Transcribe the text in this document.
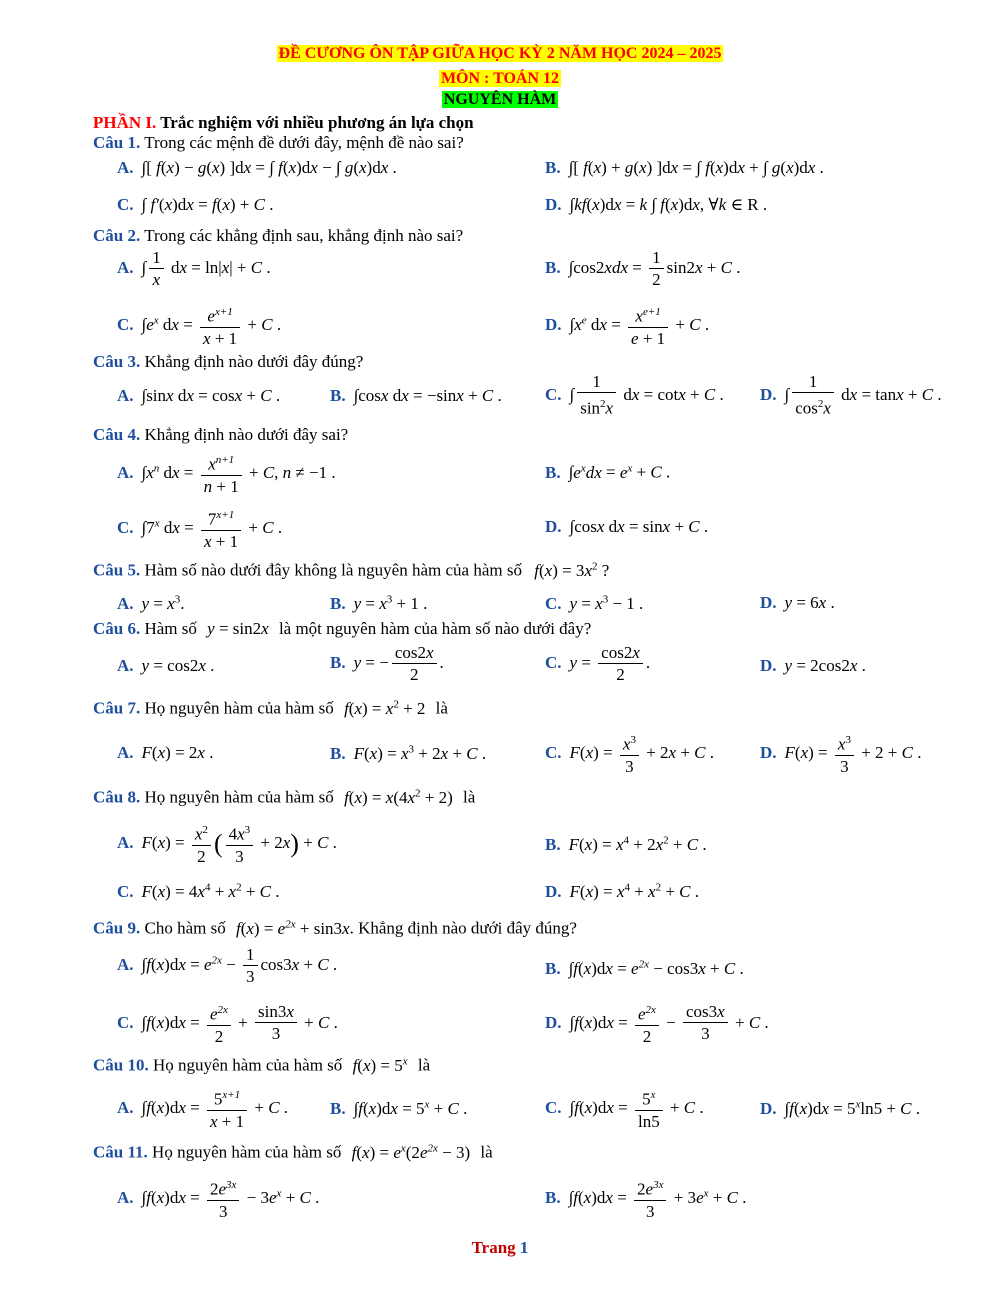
ĐỀ CƯƠNG ÔN TẬP GIỮA HỌC KỲ 2 NĂM HỌC 2024 – 2025
MÔN : TOÁN 12
NGUYÊN HÀM
PHẦN I. Trắc nghiệm với nhiều phương án lựa chọn
Câu 1. Trong các mệnh đề dưới đây, mệnh đề nào sai?
A. ∫[ f(x) − g(x) ]dx = ∫ f(x)dx − ∫ g(x)dx .	B. ∫[ f(x) + g(x) ]dx = ∫ f(x)dx + ∫ g(x)dx .
C. ∫ f′(x)dx = f(x) + C .	D. ∫kf(x)dx = k ∫ f(x)dx, ∀k ∈ R .
Câu 2. Trong các khẳng định sau, khẳng định nào sai?
A. ∫ $\frac{1}{x}$ dx = ln|x| + C .	B. $\int\cos 2xdx = \frac{1}{2} \sin 2x + C$ .
C. $\int e^x$ dx = $\frac{e^{x+1}}{x + 1} + C$ .	D. $\int x^e$ dx = $\frac{x^{e+1}}{e + 1} + C$ .
Câu 3. Khẳng định nào dưới đây đúng?
A. ∫sinx dx = cosx + C .	B. ∫cosx dx = −sinx + C .	C. ∫ $\frac{1}{\sin^2x}$ dx = cotx + C . D. ∫ $\frac{1}{\cos^2x}$ dx = tanx + C .
Câu 4. Khẳng định nào dưới đây sai?
A. $\int x^n$ dx = $\frac{x^{n+1}}{n + 1} + C$, n ≠ −1 .	B. $\int e^xdx = e^x + C$ .
C. ∫7$^x$ dx = $\frac{7^{x+1}}{x + 1} + C$ .	D. ∫cosx dx = sinx + C .
Câu 5. Hàm số nào dưới đây không là nguyên hàm của hàm số $f(x) = 3x^2$ ?
A. $y = x^3$.	B. $y = x^3 + 1$ .	C. $y = x^3 - 1$ .	D. y = 6x .
Câu 6. Hàm số y = sin2x là một nguyên hàm của hàm số nào dưới đây?
A. y = cos2x .	B. y = − $\frac{\cos 2x}{2}$ .	C. $y = \frac{\cos 2x}{2}$ .	D. y = 2cos2x .
Câu 7. Họ nguyên hàm của hàm số $f(x) = x^2 + 2$ là
A. F(x) = 2x .	B. $F(x) = x^3 + 2x + C$ .	C. $F(x) = \frac{x^3}{3} + 2x + C$ .	D. $F(x) = \frac{x^3}{3} + 2 + C$ .
Câu 8. Họ nguyên hàm của hàm số $f(x) = x(4x^2 + 2)$ là
A. $F(x) = \frac{x^2}{2}$ ( $\frac{4x^3}{3} + 2x) + C$ .	B. $F(x) = x^4 + 2x^2 + C$ .
C. $F(x) = 4x^4 + x^2 + C$ .	D. $F(x) = x^4 + x^2 + C$ .
Câu 9. Cho hàm số $f(x) = e^{2x} + \sin 3x$. Khẳng định nào dưới đây đúng?
A. $\int f(x)dx = e^{2x} - \frac{1}{3} \cos 3x + C$ .	B. $\int f(x)dx = e^{2x} - \cos 3x + C$ .
C. $\int f(x)dx = \frac{e^{2x}}{2} + \frac{\sin 3x}{3} + C$ .	D. $\int f(x)dx = \frac{e^{2x}}{2} - \frac{\cos 3x}{3} + C$ .
Câu 10. Họ nguyên hàm của hàm số $f(x) = 5^x$ là
A. $\int f(x)dx = \frac{5^{x+1}}{x + 1} + C$ . B. $\int f(x)dx = 5^x + C$ .	C. $\int f(x)dx = \frac{5^x}{\ln 5} + C$ .	D. $\int f(x)dx = 5^x\ln 5 + C$ .
Câu 11. Họ nguyên hàm của hàm số $f(x) = e^x(2e^{2x} - 3)$ là
A. $\int f(x)dx = \frac{2e^{3x}}{3} - 3e^x + C$ .	B. $\int f(x)dx = \frac{2e^{3x}}{3} + 3e^x + C$ .
Trang 1
